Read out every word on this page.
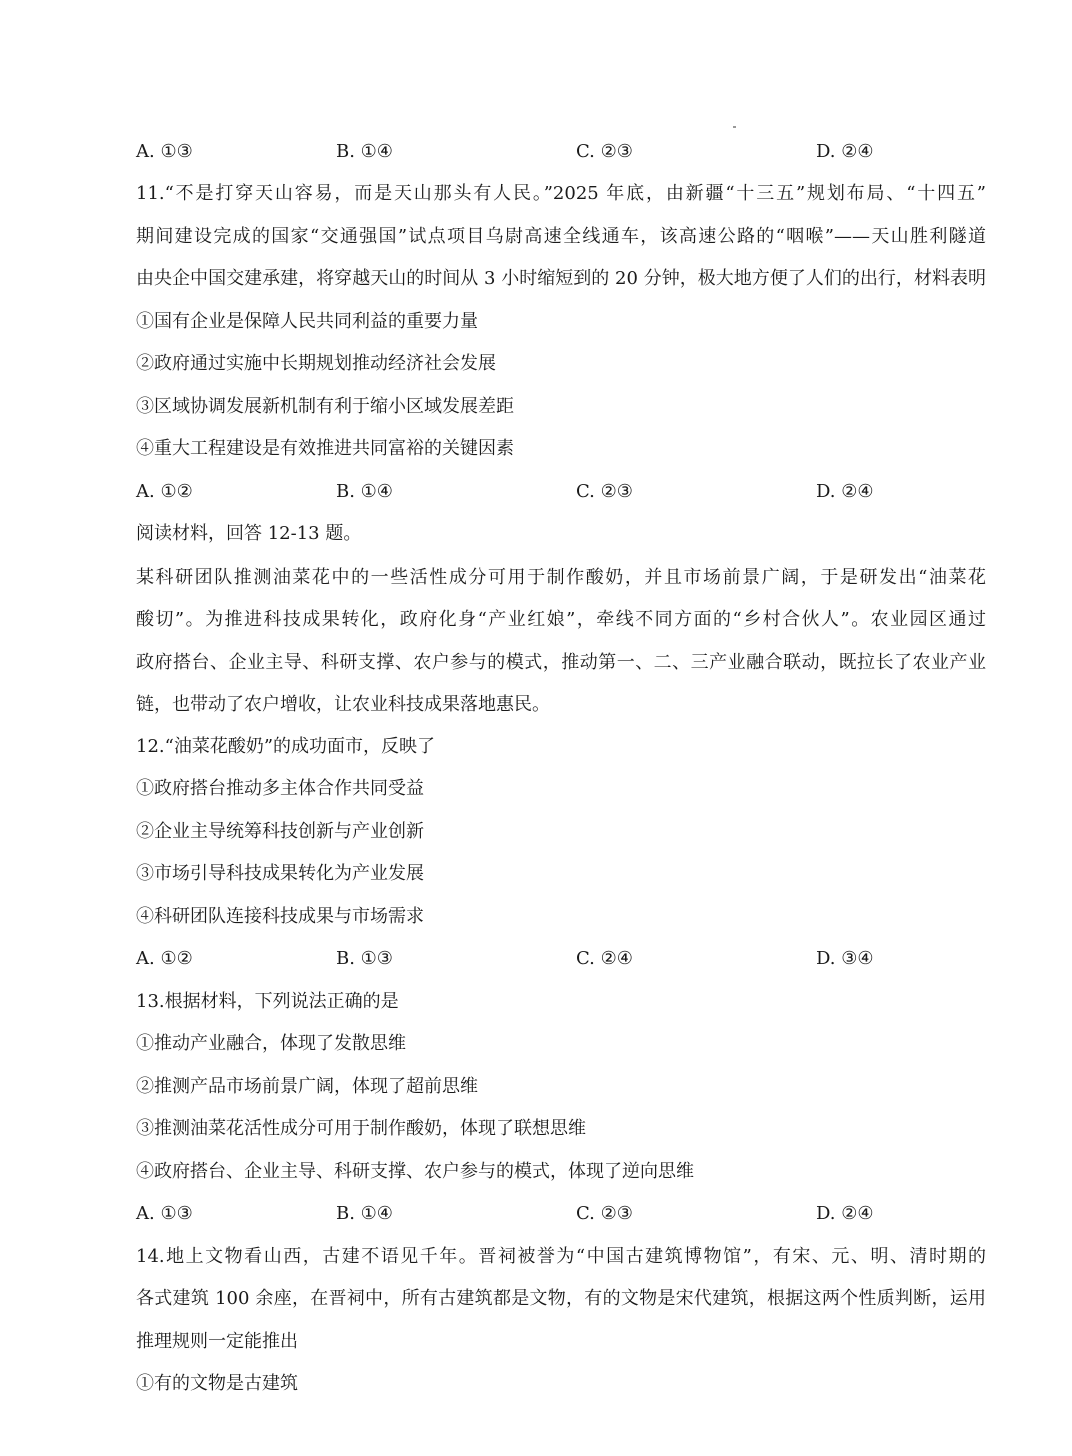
A. ①③	B. ①④	C. ②③	D. ②④
11.“不是打穿天山容易，而是天山那头有人民。”2025 年底，由新疆“十三五”规划布局、“十四五”
期间建设完成的国家“交通强国”试点项目乌尉高速全线通车，该高速公路的“咽喉”——天山胜利隧道
由央企中国交建承建，将穿越天山的时间从 3 小时缩短到的 20 分钟，极大地方便了人们的出行，材料表明
①国有企业是保障人民共同利益的重要力量
②政府通过实施中长期规划推动经济社会发展
③区域协调发展新机制有利于缩小区域发展差距
④重大工程建设是有效推进共同富裕的关键因素
A. ①②	B. ①④	C. ②③	D. ②④
阅读材料，回答 12-13 题。
某科研团队推测油菜花中的一些活性成分可用于制作酸奶，并且市场前景广阔，于是研发出“油菜花
酸切”。为推进科技成果转化，政府化身“产业红娘”，牵线不同方面的“乡村合伙人”。农业园区通过
政府搭台、企业主导、科研支撑、农户参与的模式，推动第一、二、三产业融合联动，既拉长了农业产业
链，也带动了农户增收，让农业科技成果落地惠民。
12.“油菜花酸奶”的成功面市，反映了
①政府搭台推动多主体合作共同受益
②企业主导统筹科技创新与产业创新
③市场引导科技成果转化为产业发展
④科研团队连接科技成果与市场需求
A. ①②	B. ①③	C. ②④	D. ③④
13.根据材料，下列说法正确的是
①推动产业融合，体现了发散思维
②推测产品市场前景广阔，体现了超前思维
③推测油菜花活性成分可用于制作酸奶，体现了联想思维
④政府搭台、企业主导、科研支撑、农户参与的模式，体现了逆向思维
A. ①③	B. ①④	C. ②③	D. ②④
14.地上文物看山西，古建不语见千年。晋祠被誉为“中国古建筑博物馆”，有宋、元、明、清时期的
各式建筑 100 余座，在晋祠中，所有古建筑都是文物，有的文物是宋代建筑，根据这两个性质判断，运用
推理规则一定能推出
①有的文物是古建筑
